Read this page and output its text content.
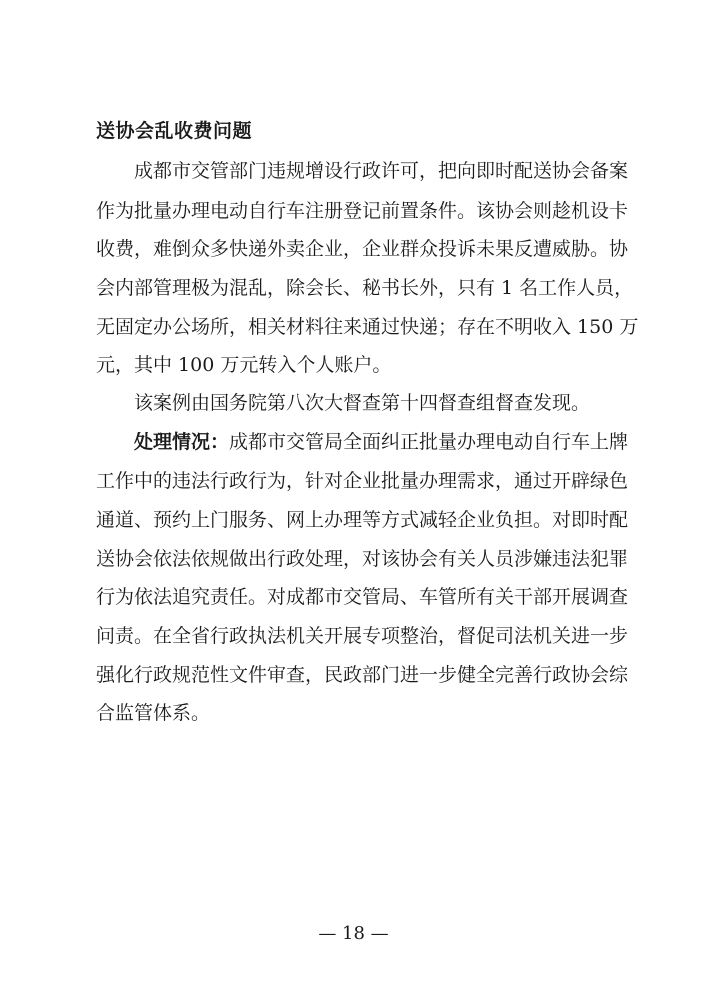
送协会乱收费问题
成都市交管部门违规增设行政许可，把向即时配送协会备案
作为批量办理电动自行车注册登记前置条件。该协会则趁机设卡
收费，难倒众多快递外卖企业，企业群众投诉未果反遭威胁。协
会内部管理极为混乱，除会长、秘书长外，只有 1 名工作人员，
无固定办公场所，相关材料往来通过快递；存在不明收入 150 万
元，其中 100 万元转入个人账户。
该案例由国务院第八次大督查第十四督查组督查发现。
处理情况：成都市交管局全面纠正批量办理电动自行车上牌
工作中的违法行政行为，针对企业批量办理需求，通过开辟绿色
通道、预约上门服务、网上办理等方式减轻企业负担。对即时配
送协会依法依规做出行政处理，对该协会有关人员涉嫌违法犯罪
行为依法追究责任。对成都市交管局、车管所有关干部开展调查
问责。在全省行政执法机关开展专项整治，督促司法机关进一步
强化行政规范性文件审查，民政部门进一步健全完善行政协会综
合监管体系。
— 18 —
